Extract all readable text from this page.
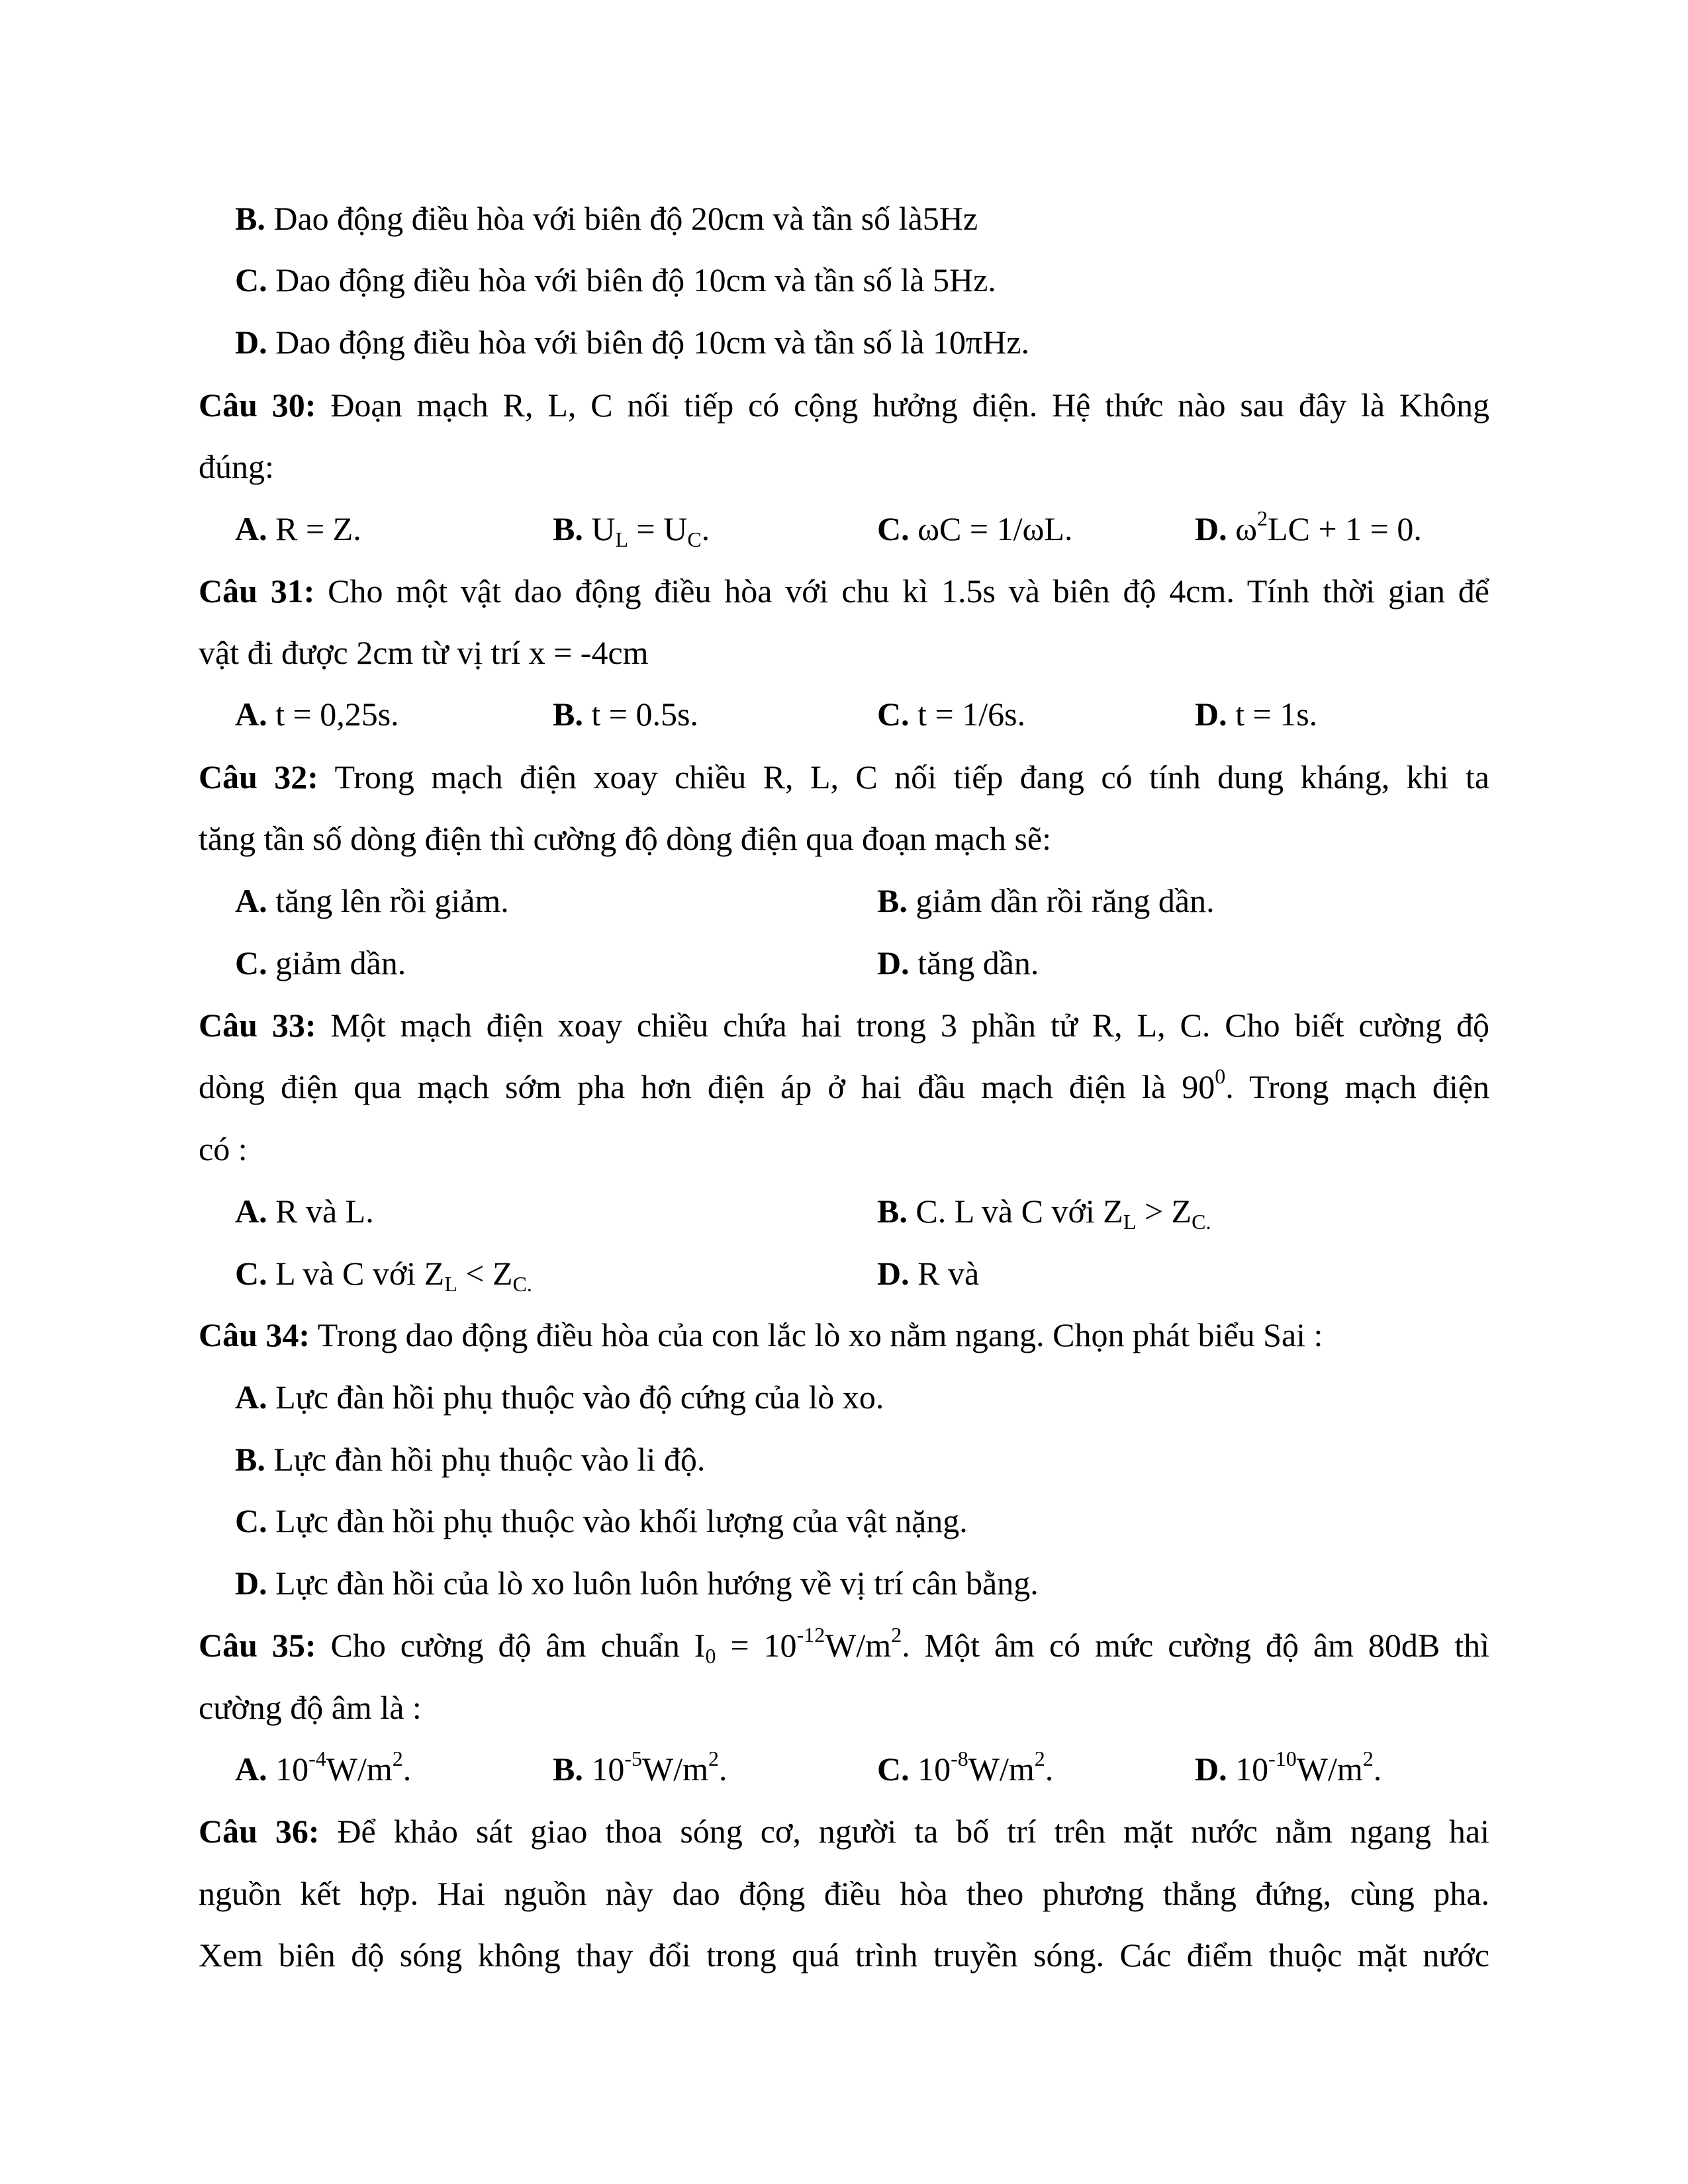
B. Dao động điều hòa với biên độ 20cm và tần số là5Hz
C. Dao động điều hòa với biên độ 10cm và tần số là 5Hz.
D. Dao động điều hòa với biên độ 10cm và tần số là 10πHz.
Câu 30: Đoạn mạch R, L, C nối tiếp có cộng hưởng điện. Hệ thức nào sau đây là Không
đúng:
A. R = Z.	B. $U_L = U_C$.	C. ωC = 1/ωL.	D. $\omega^2LC + 1 = 0$.
Câu 31: Cho một vật dao động điều hòa với chu kì 1.5s và biên độ 4cm. Tính thời gian để
vật đi được 2cm từ vị trí x = -4cm
A. t = 0,25s.	B. t = 0.5s.	C. t = 1/6s.	D. t = 1s.
Câu 32: Trong mạch điện xoay chiều R, L, C nối tiếp đang có tính dung kháng, khi ta
tăng tần số dòng điện thì cường độ dòng điện qua đoạn mạch sẽ:
A. tăng lên rồi giảm.	B. giảm dần rồi răng dần.
C. giảm dần.	D. tăng dần.
Câu 33: Một mạch điện xoay chiều chứa hai trong 3 phần tử R, L, C. Cho biết cường độ
dòng điện qua mạch sớm pha hơn điện áp ở hai đầu mạch điện là $90^0$. Trong mạch điện
có :
A. R và L.	B. C. L và C với $Z_L > Z_{C.}$
C. L và C với $Z_L < Z_{C.}$	D. R và
Câu 34: Trong dao động điều hòa của con lắc lò xo nằm ngang. Chọn phát biểu Sai :
A. Lực đàn hồi phụ thuộc vào độ cứng của lò xo.
B. Lực đàn hồi phụ thuộc vào li độ.
C. Lực đàn hồi phụ thuộc vào khối lượng của vật nặng.
D. Lực đàn hồi của lò xo luôn luôn hướng về vị trí cân bằng.
Câu 35: Cho cường độ âm chuẩn $I_0 = 10^{-12}W/m^2$. Một âm có mức cường độ âm 80dB thì
cường độ âm là :
A. $10^{-4}W/m^2$.	B. $10^{-5}W/m^2$.	C. $10^{-8}W/m^2$.	D. $10^{-10}W/m^2$.
Câu 36: Để khảo sát giao thoa sóng cơ, người ta bố trí trên mặt nước nằm ngang hai
nguồn kết hợp. Hai nguồn này dao động điều hòa theo phương thẳng đứng, cùng pha.
Xem biên độ sóng không thay đổi trong quá trình truyền sóng. Các điểm thuộc mặt nước
